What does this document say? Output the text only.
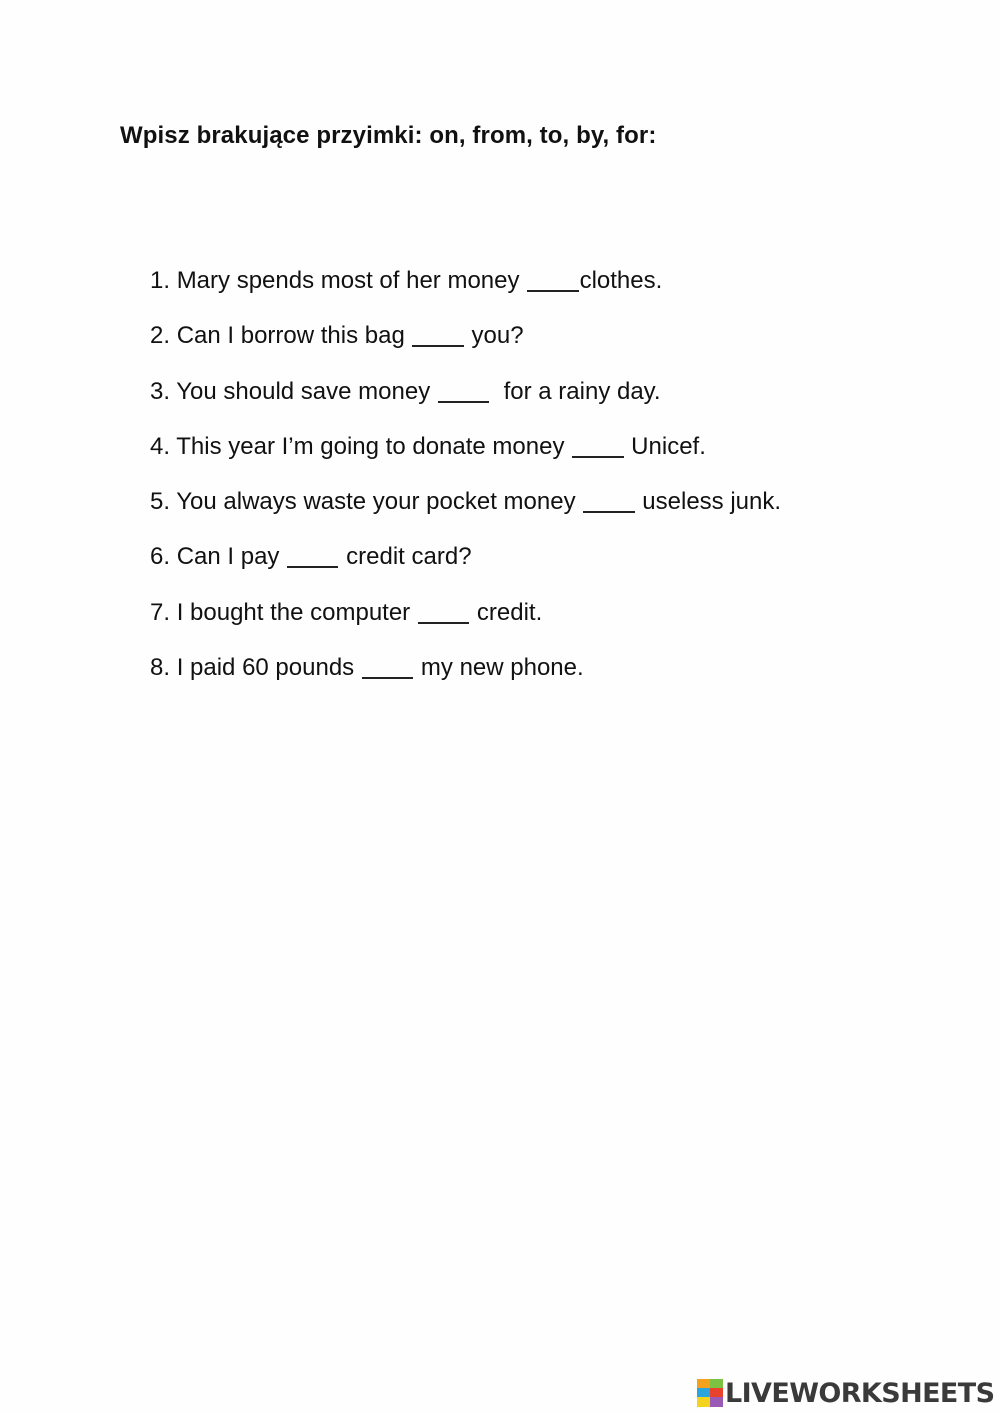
Wpisz brakujące przyimki: on, from, to, by, for:
1. Mary spends most of her money clothes.
2. Can I borrow this bag  you?
3. You should save money   for a rainy day.
4. This year I’m going to donate money  Unicef.
5. You always waste your pocket money  useless junk.
6. Can I pay  credit card?
7. I bought the computer  credit.
8. I paid 60 pounds  my new phone.
LIVEWORKSHEETS
